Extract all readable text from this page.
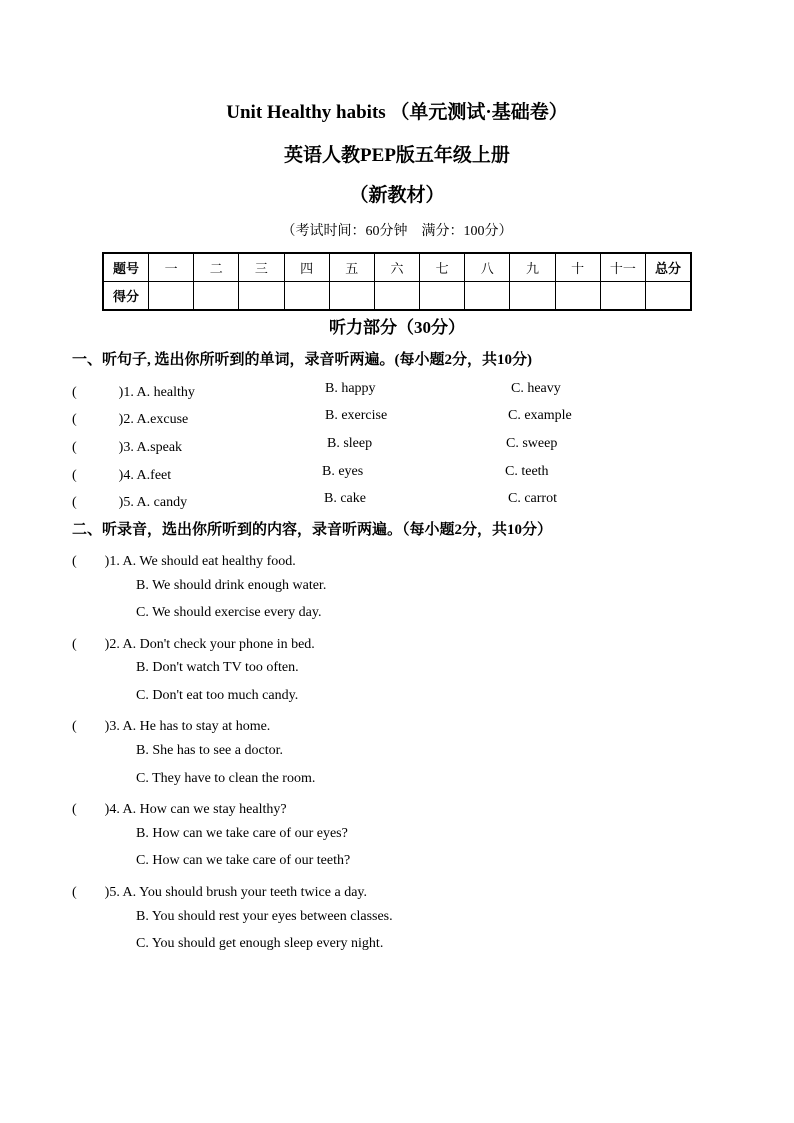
Unit Healthy habits （单元测试·基础卷）
英语人教PEP版五年级上册
（新教材）
（考试时间：60分钟　满分：100分）
题号	一	二	三	四	五	六	七	八	九	十	十一	总分
得分												
听力部分（30分）
一、听句子, 选出你所听到的单词，录音听两遍。(每小题2分，共10分)
(　　　)1. A. healthy	B. happy	C. heavy
(　　　)2. A.excuse	B. exercise	C. example
(　　　)3. A.speak	B. sleep	C. sweep
(　　　)4. A.feet	B. eyes	C. teeth
(　　　)5. A. candy	B. cake	C. carrot
二、听录音，选出你所听到的内容，录音听两遍。（每小题2分，共10分）
(　　)1. A. We should eat healthy food.
B. We should drink enough water.
C. We should exercise every day.
(　　)2. A. Don't check your phone in bed.
B. Don't watch TV too often.
C. Don't eat too much candy.
(　　)3. A. He has to stay at home.
B. She has to see a doctor.
C. They have to clean the room.
(　　)4. A. How can we stay healthy?
B. How can we take care of our eyes?
C. How can we take care of our teeth?
(　　)5. A. You should brush your teeth twice a day.
B. You should rest your eyes between classes.
C. You should get enough sleep every night.
